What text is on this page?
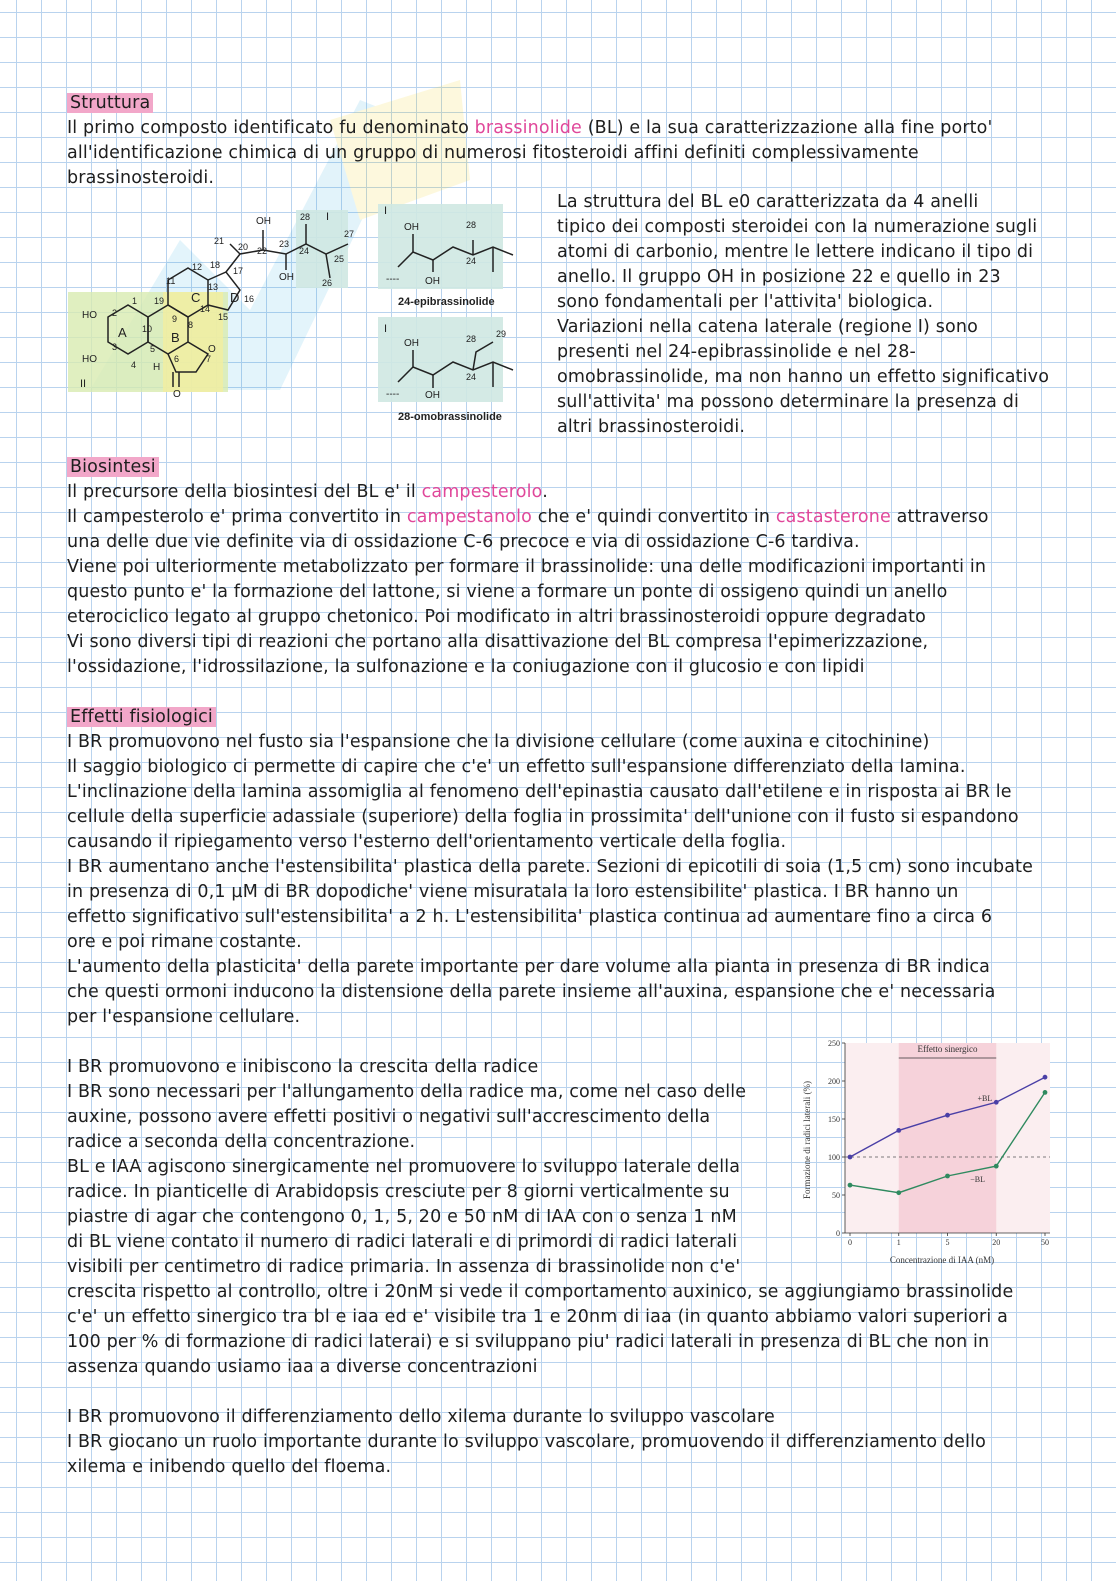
Struttura
Il primo composto identificato fu denominato brassinolide (BL) e la sua caratterizzazione alla fine porto'
all'identificazione chimica di un gruppo di numerosi fitosteroidi affini definiti complessivamente
brassinosteroidi.
HO
HO
II
A	B
C D
H
O
O
OH
OH
28 I
27
25
26
24
23
22
20
21
12 18
11
13
17
16
15
14
9
8
19
1
2
3
4
10
5
6	7
I
OH
OH
28
24
----
24-epibrassinolide
I
OH
OH
28 29
24
----
28-omobrassinolide
La struttura del BL e0 caratterizzata da 4 anelli
tipico dei composti steroidei con la numerazione sugli
atomi di carbonio, mentre le lettere indicano il tipo di
anello. Il gruppo OH in posizione 22 e quello in 23
sono fondamentali per l'attivita' biologica.
Variazioni nella catena laterale (regione I) sono
presenti nel 24-epibrassinolide e nel 28-
omobrassinolide, ma non hanno un effetto significativo
sull'attivita' ma possono determinare la presenza di
altri brassinosteroidi.
Biosintesi
Il precursore della biosintesi del BL e' il campesterolo.
Il campesterolo e' prima convertito in campestanolo che e' quindi convertito in castasterone attraverso
una delle due vie definite via di ossidazione C-6 precoce e via di ossidazione C-6 tardiva.
Viene poi ulteriormente metabolizzato per formare il brassinolide: una delle modificazioni importanti in
questo punto e' la formazione del lattone, si viene a formare un ponte di ossigeno quindi un anello
eterociclico legato al gruppo chetonico. Poi modificato in altri brassinosteroidi oppure degradato
Vi sono diversi tipi di reazioni che portano alla disattivazione del BL compresa l'epimerizzazione,
l'ossidazione, l'idrossilazione, la sulfonazione e la coniugazione con il glucosio e con lipidi
Effetti fisiologici
I BR promuovono nel fusto sia l'espansione che la divisione cellulare (come auxina e citochinine)
Il saggio biologico ci permette di capire che c'e' un effetto sull'espansione differenziato della lamina.
L'inclinazione della lamina assomiglia al fenomeno dell'epinastia causato dall'etilene e in risposta ai BR le
cellule della superficie adassiale (superiore) della foglia in prossimita' dell'unione con il fusto si espandono
causando il ripiegamento verso l'esterno dell'orientamento verticale della foglia.
I BR aumentano anche l'estensibilita' plastica della parete. Sezioni di epicotili di soia (1,5 cm) sono incubate
in presenza di 0,1 µM di BR dopodiche' viene misuratala la loro estensibilite' plastica. I BR hanno un
effetto significativo sull'estensibilita' a 2 h. L'estensibilita' plastica continua ad aumentare fino a circa 6
ore e poi rimane costante.
L'aumento della plasticita' della parete importante per dare volume alla pianta in presenza di BR indica
che questi ormoni inducono la distensione della parete insieme all'auxina, espansione che e' necessaria
per l'espansione cellulare.
I BR promuovono e inibiscono la crescita della radice
I BR sono necessari per l'allungamento della radice ma, come nel caso delle
auxine, possono avere effetti positivi o negativi sull'accrescimento della
radice a seconda della concentrazione.
BL e IAA agiscono sinergicamente nel promuovere lo sviluppo laterale della
radice. In pianticelle di Arabidopsis cresciute per 8 giorni verticalmente su
piastre di agar che contengono 0, 1, 5, 20 e 50 nM di IAA con o senza 1 nM
di BL viene contato il numero di radici laterali e di primordi di radici laterali
visibili per centimetro di radice primaria. In assenza di brassinolide non c'e'
crescita rispetto al controllo, oltre i 20nM si vede il comportamento auxinico, se aggiungiamo brassinolide
c'e' un effetto sinergico tra bl e iaa ed e' visibile tra 1 e 20nm di iaa (in quanto abbiamo valori superiori a
100 per % di formazione di radici laterai) e si sviluppano piu' radici laterali in presenza di BL che non in
assenza quando usiamo iaa a diverse concentrazioni
I BR promuovono il differenziamento dello xilema durante lo sviluppo vascolare
I BR giocano un ruolo importante durante lo sviluppo vascolare, promuovendo il differenziamento dello
xilema e inibendo quello del floema.
Effetto sinergico
0
50
100
150
200
250
0	1	5	20	50
+BL
−BL
Concentrazione di IAA (nM)
Formazione di radici laterali (%)
